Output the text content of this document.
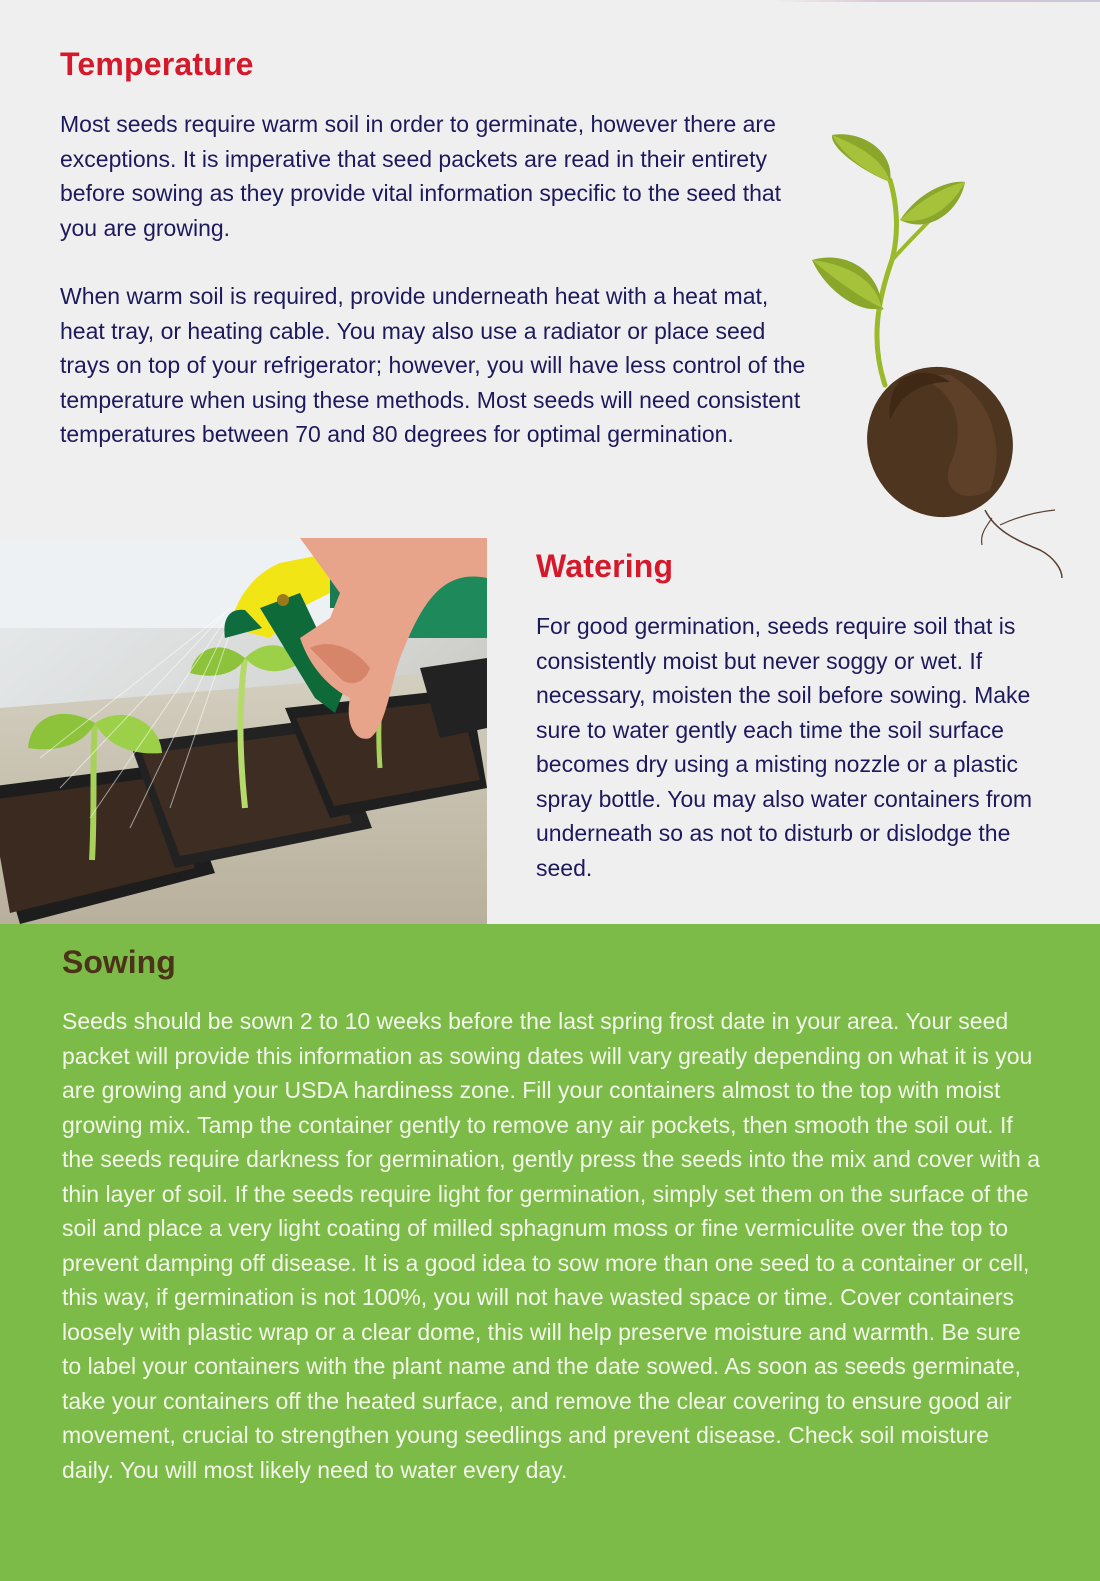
Temperature

Most seeds require warm soil in order to germinate, however there are exceptions. It is imperative that seed packets are read in their entirety before sowing as they provide vital information specific to the seed that you are growing.

When warm soil is required, provide underneath heat with a heat mat, heat tray, or heating cable. You may also use a radiator or place seed trays on top of your refrigerator; however, you will have less control of the temperature when using these methods. Most seeds will need consistent temperatures between 70 and 80 degrees for optimal germination.

Watering

For good germination, seeds require soil that is consistently moist but never soggy or wet. If necessary, moisten the soil before sowing. Make sure to water gently each time the soil surface becomes dry using a misting nozzle or a plastic spray bottle. You may also water containers from underneath so as not to disturb or dislodge the seed.

Sowing

Seeds should be sown 2 to 10 weeks before the last spring frost date in your area. Your seed packet will provide this information as sowing dates will vary greatly depending on what it is you are growing and your USDA hardiness zone. Fill your containers almost to the top with moist growing mix. Tamp the container gently to remove any air pockets, then smooth the soil out. If the seeds require darkness for germination, gently press the seeds into the mix and cover with a thin layer of soil. If the seeds require light for germination, simply set them on the surface of the soil and place a very light coating of milled sphagnum moss or fine vermiculite over the top to prevent damping off disease. It is a good idea to sow more than one seed to a container or cell, this way, if germination is not 100%, you will not have wasted space or time. Cover containers loosely with plastic wrap or a clear dome, this will help preserve moisture and warmth. Be sure to label your containers with the plant name and the date sowed. As soon as seeds germinate, take your containers off the heated surface, and remove the clear covering to ensure good air movement, crucial to strengthen young seedlings and prevent disease. Check soil moisture daily. You will most likely need to water every day.
